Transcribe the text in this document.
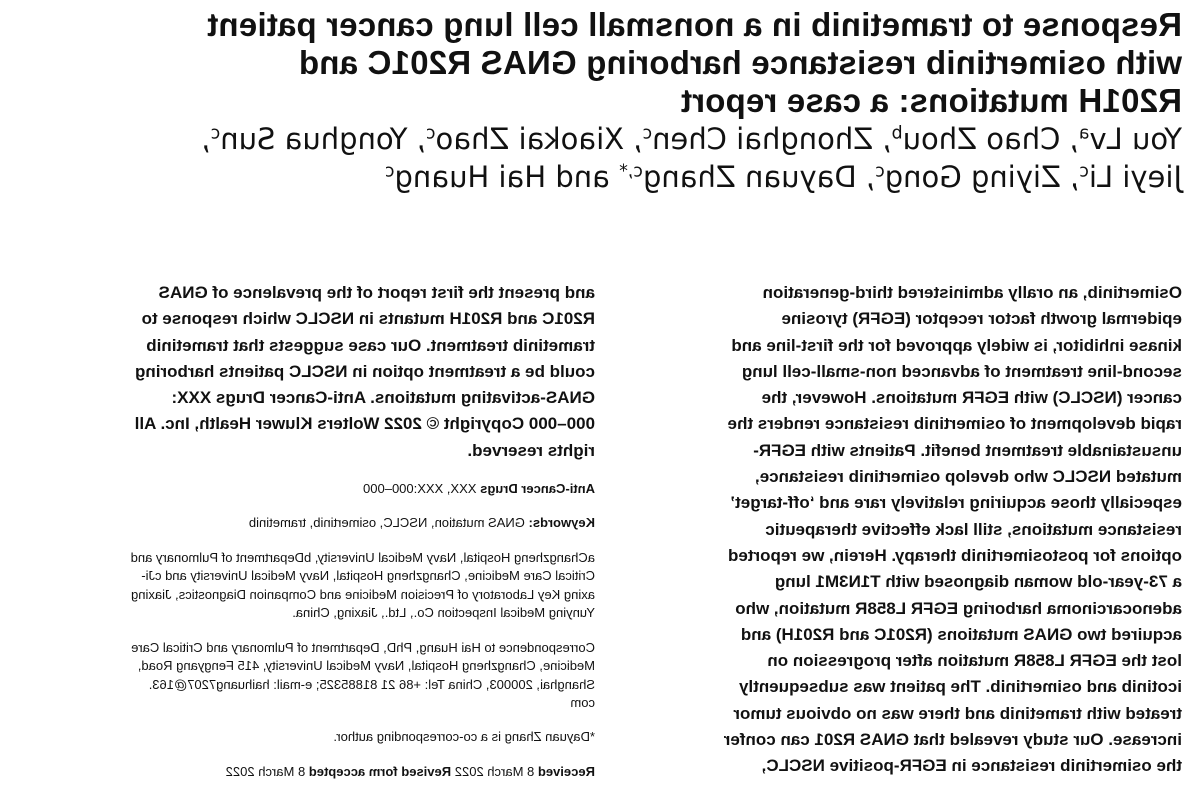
Response to trametinib in a nonsmall cell lung cancer patient
with osimertinib resistance harboring GNAS R201C and
R201H mutations: a case report
You Lv$^a$, Chao Zhou$^b$, Zhonghai Chen$^c$, Xiaokai Zhao$^c$, Yonghua Sun$^c$,
Jieyi Li$^c$, Ziying Gong$^c$, Dayuan Zhang$^{c,*}$ and Hai Huang$^c$
Osimertinib, an orally administered third-generation
epidermal growth factor receptor (EGFR) tyrosine
kinase inhibitor, is widely approved for the first-line and
second-line treatment of advanced non-small-cell lung
cancer (NSCLC) with EGFR mutations. However, the
rapid development of osimertinib resistance renders the
unsustainable treatment benefit. Patients with EGFR-
mutated NSCLC who develop osimertinib resistance,
especially those acquiring relatively rare and ‘off-target’
resistance mutations, still lack effective therapeutic
options for postosimertinib therapy. Herein, we reported
a 73-year-old woman diagnosed with T1N3M1 lung
adenocarcinoma harboring EGFR L858R mutation, who
acquired two GNAS mutations (R201C and R201H) and
lost the EGFR L858R mutation after progression on
icotinib and osimertinib. The patient was subsequently
treated with trametinib and there was no obvious tumor
increase. Our study revealed that GNAS R201 can confer
the osimertinib resistance in EGFR-positive NSCLC,
and present the first report of the prevalence of GNAS
R201C and R201H mutants in NSCLC which response to
trametinib treatment. Our case suggests that trametinib
could be a treatment option in NSCLC patients harboring
GNAS-activating mutations. Anti-Cancer Drugs XXX:
000–000 Copyright © 2022 Wolters Kluwer Health, Inc. All
rights reserved.
Anti-Cancer Drugs XXX, XXX:000–000
Keywords: GNAS mutation, NSCLC, osimertinib, trametinib
aChangzheng Hospital, Navy Medical University, bDepartment of Pulmonary and
Critical Care Medicine, Changzheng Hospital, Navy Medical University and cJi-
axing Key Laboratory of Precision Medicine and Companion Diagnostics, Jiaxing
Yunying Medical Inspection Co., Ltd., Jiaxing, China.
Correspondence to Hai Huang, PhD, Department of Pulmonary and Critical Care
Medicine, Changzheng Hospital, Navy Medical University, 415 Fengyang Road,
Shanghai, 200003, China Tel: +86 21 81885325; e-mail: haihuang7207@163.
com
*Dayuan Zhang is a co-corresponding author.
Received 8 March 2022 Revised form accepted 8 March 2022
